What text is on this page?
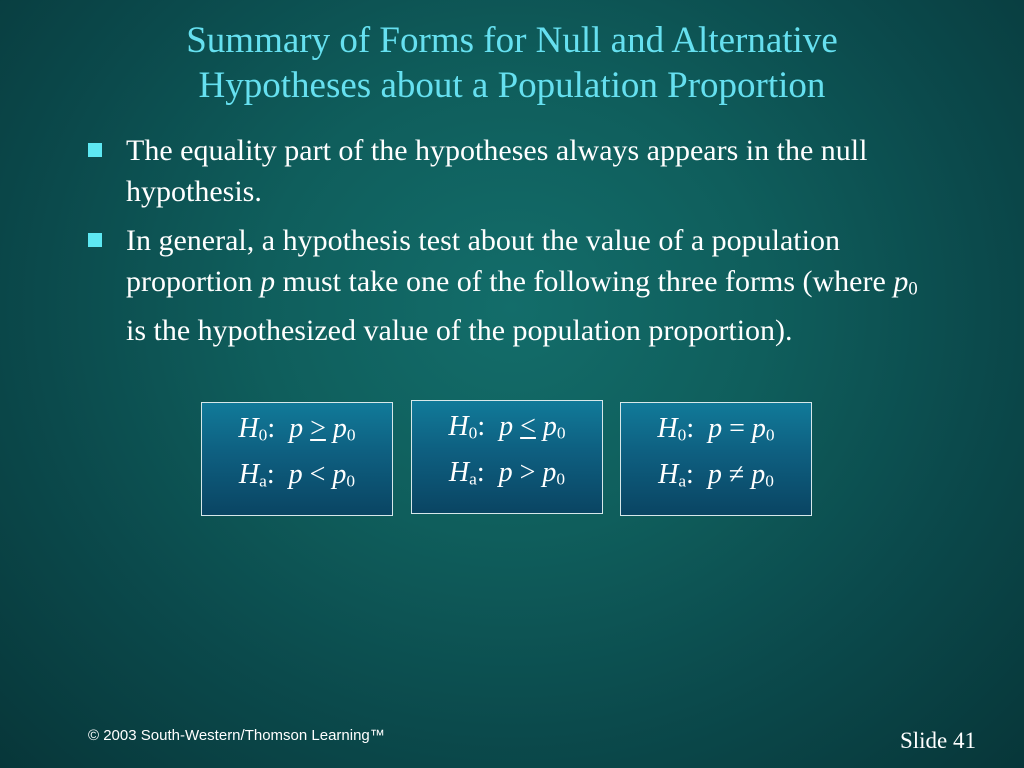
Summary of Forms for Null and Alternative
Hypotheses about a Population Proportion
The equality part of the hypotheses always appears in the null hypothesis.
In general, a hypothesis test about the value of a population proportion p must take one of the following three forms (where $p_0$ is the hypothesized value of the population proportion).
$H_0$:  $p > p_0$
$H_a$:  $p < p_0$
$H_0$:  $p < p_0$
$H_a$:  $p > p_0$
$H_0$:  $p = p_0$
$H_a$:  $p \ne p_0$
© 2003 South-Western/Thomson Learning™	Slide 41
